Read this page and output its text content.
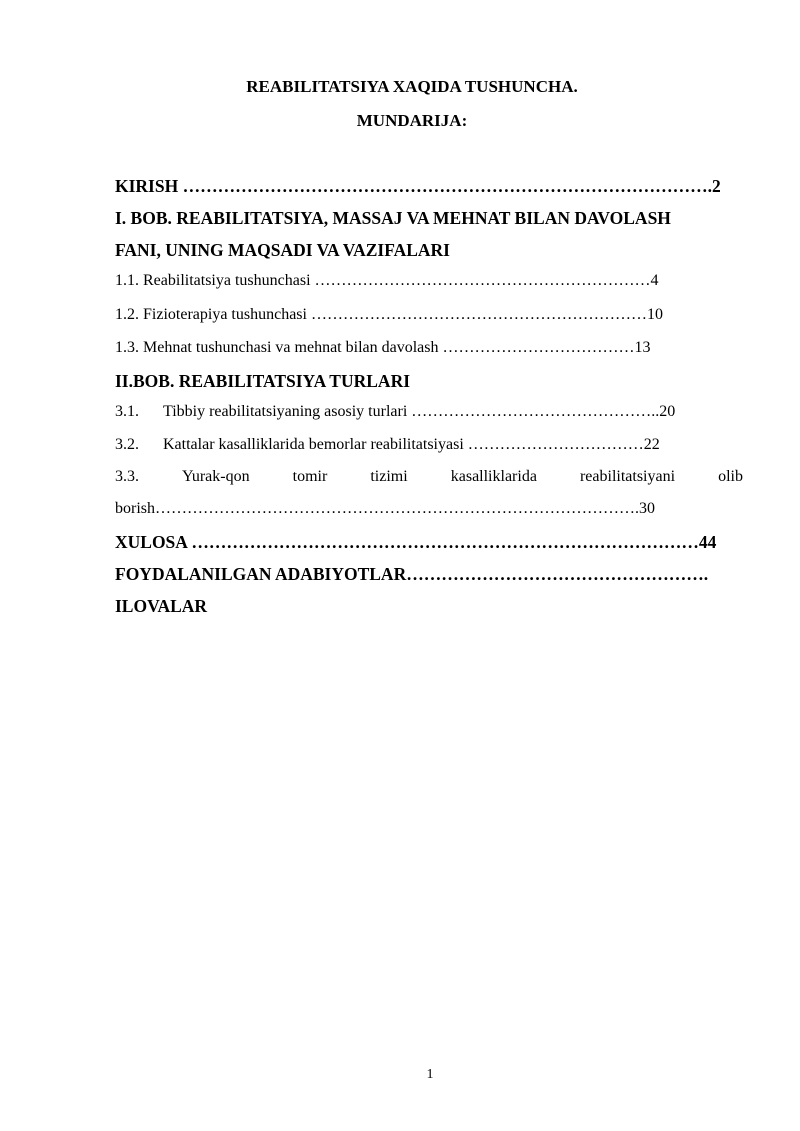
REABILITATSIYA XAQIDA TUSHUNCHA.
MUNDARIJA:
KIRISH ……………………………………………………………………………….2
I. BOB. REABILITATSIYA, MASSAJ VA MEHNAT BILAN DAVOLASH
FANI, UNING MAQSADI VA VAZIFALARI
1.1. Reabilitatsiya tushunchasi ………………………………………………………4
1.2. Fizioterapiya tushunchasi ………………………………………………………10
1.3. Mehnat tushunchasi va mehnat bilan davolash ………………………………13
II.BOB. REABILITATSIYA TURLARI
3.1. Tibbiy reabilitatsiyaning asosiy turlari ………………………………………..20
3.2. Kattalar kasalliklarida bemorlar reabilitatsiyasi ……………………………22
3.3.	Yurak-qon	tomir	tizimi	kasalliklarida	reabilitatsiyani	olib
borish……………………………………………………………………………….30
XULOSA ……………………………………………………………………………44
FOYDALANILGAN ADABIYOTLAR…………………………………………….
ILOVALAR
1
